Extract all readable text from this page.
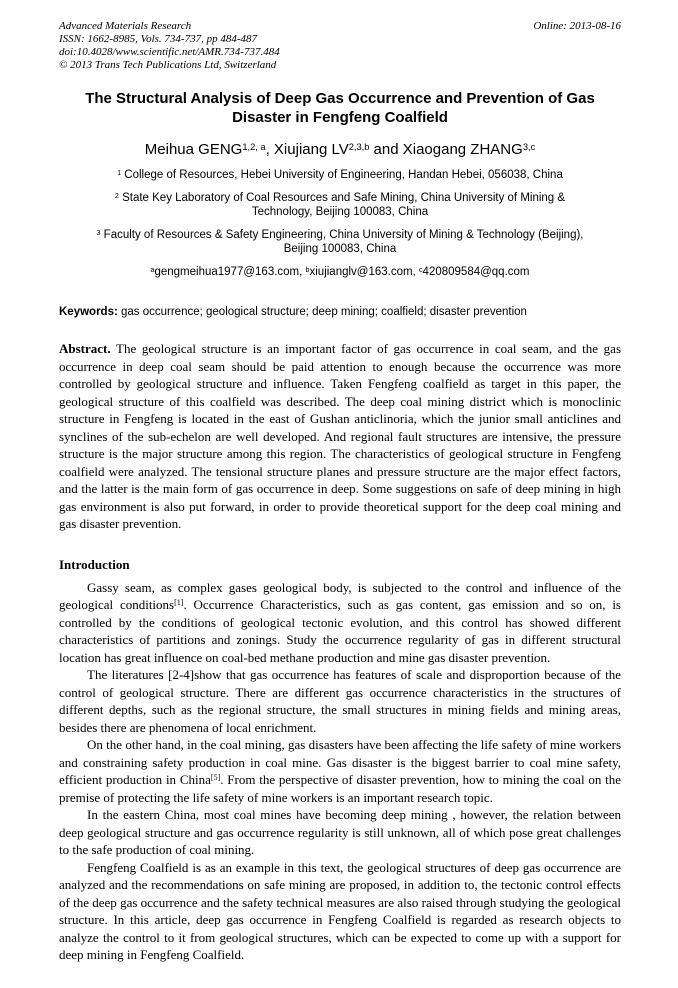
Advanced Materials Research
ISSN: 1662-8985, Vols. 734-737, pp 484-487
doi:10.4028/www.scientific.net/AMR.734-737.484
© 2013 Trans Tech Publications Ltd, Switzerland
Online: 2013-08-16
The Structural Analysis of Deep Gas Occurrence and Prevention of Gas Disaster in Fengfeng Coalfield
Meihua GENG$^{1,2, a}$, Xiujiang LV$^{2,3,b}$ and Xiaogang ZHANG$^{3,c}$
$^1$ College of Resources, Hebei University of Engineering, Handan Hebei, 056038, China
$^2$ State Key Laboratory of Coal Resources and Safe Mining, China University of Mining & Technology, Beijing 100083, China
$^3$ Faculty of Resources & Safety Engineering, China University of Mining & Technology (Beijing), Beijing 100083, China
$^a$gengmeihua1977@163.com, $^b$xiujianglv@163.com, $^c$420809584@qq.com
Keywords: gas occurrence; geological structure; deep mining; coalfield; disaster prevention
Abstract. The geological structure is an important factor of gas occurrence in coal seam, and the gas occurrence in deep coal seam should be paid attention to enough because the occurrence was more controlled by geological structure and influence. Taken Fengfeng coalfield as target in this paper, the geological structure of this coalfield was described. The deep coal mining district which is monoclinic structure in Fengfeng is located in the east of Gushan anticlinoria, which the junior small anticlines and synclines of the sub-echelon are well developed. And regional fault structures are intensive, the pressure structure is the major structure among this region. The characteristics of geological structure in Fengfeng coalfield were analyzed. The tensional structure planes and pressure structure are the major effect factors, and the latter is the main form of gas occurrence in deep. Some suggestions on safe of deep mining in high gas environment is also put forward, in order to provide theoretical support for the deep coal mining and gas disaster prevention.
Introduction

Gassy seam, as complex gases geological body, is subjected to the control and influence of the geological conditions[1]. Occurrence Characteristics, such as gas content, gas emission and so on, is controlled by the conditions of geological tectonic evolution, and this control has showed different characteristics of partitions and zonings. Study the occurrence regularity of gas in different structural location has great influence on coal-bed methane production and mine gas disaster prevention.

The literatures [2-4]show that gas occurrence has features of scale and disproportion because of the control of geological structure. There are different gas occurrence characteristics in the structures of different depths, such as the regional structure, the small structures in mining fields and mining areas, besides there are phenomena of local enrichment.

On the other hand, in the coal mining, gas disasters have been affecting the life safety of mine workers and constraining safety production in coal mine. Gas disaster is the biggest barrier to coal mine safety, efficient production in China[5]. From the perspective of disaster prevention, how to mining the coal on the premise of protecting the life safety of mine workers is an important research topic.

In the eastern China, most coal mines have becoming deep mining , however, the relation between deep geological structure and gas occurrence regularity is still unknown, all of which pose great challenges to the safe production of coal mining.

Fengfeng Coalfield is as an example in this text, the geological structures of deep gas occurrence are analyzed and the recommendations on safe mining are proposed, in addition to, the tectonic control effects of the deep gas occurrence and the safety technical measures are also raised through studying the geological structure. In this article, deep gas occurrence in Fengfeng Coalfield is regarded as research objects to analyze the control to it from geological structures, which can be expected to come up with a support for deep mining in Fengfeng Coalfield.
